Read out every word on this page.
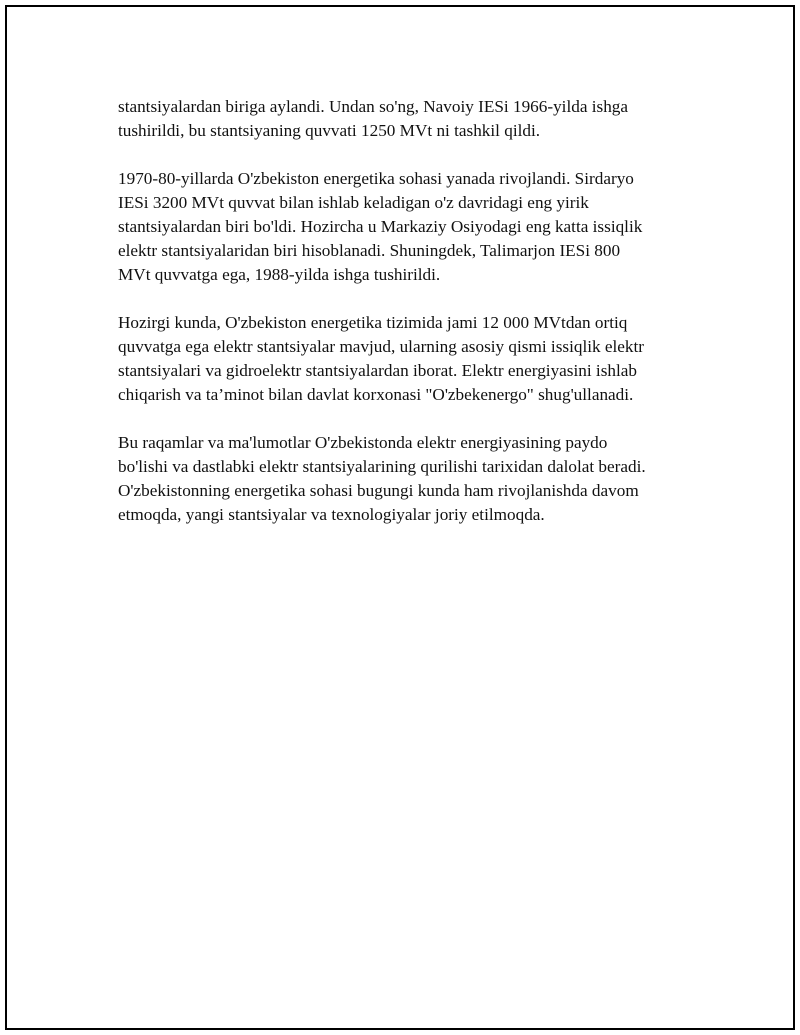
stantsiyalardan biriga aylandi. Undan so'ng, Navoiy IESi 1966-yilda ishga
tushirildi, bu stantsiyaning quvvati 1250 MVt ni tashkil qildi.

1970-80-yillarda O'zbekiston energetika sohasi yanada rivojlandi. Sirdaryo
IESi 3200 MVt quvvat bilan ishlab keladigan o'z davridagi eng yirik
stantsiyalardan biri bo'ldi. Hozircha u Markaziy Osiyodagi eng katta issiqlik
elektr stantsiyalaridan biri hisoblanadi. Shuningdek, Talimarjon IESi 800
MVt quvvatga ega, 1988-yilda ishga tushirildi.

Hozirgi kunda, O'zbekiston energetika tizimida jami 12 000 MVtdan ortiq
quvvatga ega elektr stantsiyalar mavjud, ularning asosiy qismi issiqlik elektr
stantsiyalari va gidroelektr stantsiyalardan iborat. Elektr energiyasini ishlab
chiqarish va ta’minot bilan davlat korxonasi "O'zbekenergo" shug'ullanadi.

Bu raqamlar va ma'lumotlar O'zbekistonda elektr energiyasining paydo
bo'lishi va dastlabki elektr stantsiyalarining qurilishi tarixidan dalolat beradi.
O'zbekistonning energetika sohasi bugungi kunda ham rivojlanishda davom
etmoqda, yangi stantsiyalar va texnologiyalar joriy etilmoqda.
